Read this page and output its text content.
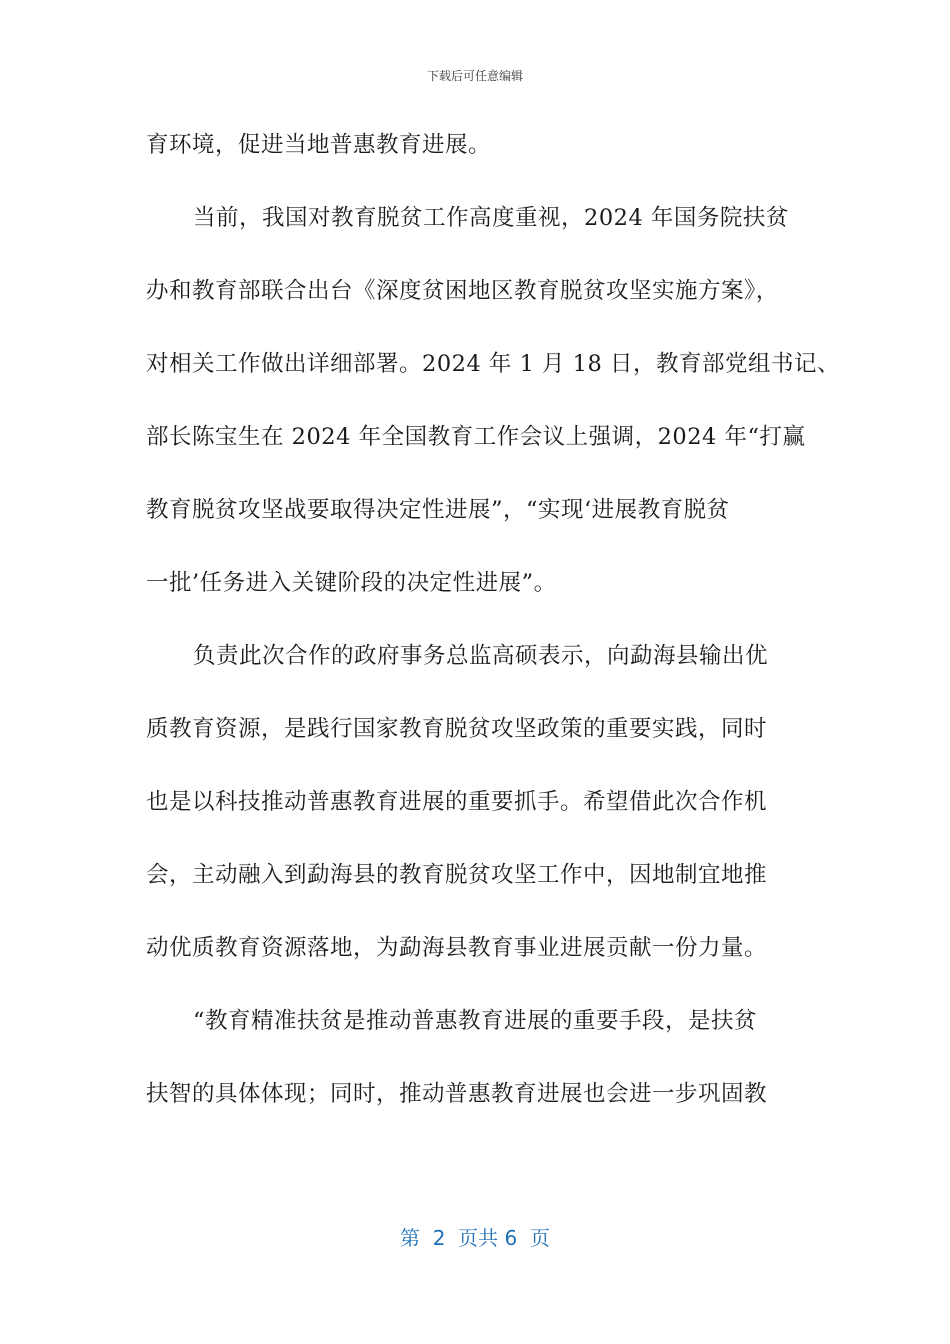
下载后可任意编辑
育环境，促进当地普惠教育进展。
当前，我国对教育脱贫工作高度重视，2024 年国务院扶贫
办和教育部联合出台《深度贫困地区教育脱贫攻坚实施方案》，
对相关工作做出详细部署。2024 年 1 月 18 日，教育部党组书记、
部长陈宝生在 2024 年全国教育工作会议上强调，2024 年“打赢
教育脱贫攻坚战要取得决定性进展”，“实现‘进展教育脱贫
一批’任务进入关键阶段的决定性进展”。
负责此次合作的政府事务总监高硕表示，向勐海县输出优
质教育资源，是践行国家教育脱贫攻坚政策的重要实践，同时
也是以科技推动普惠教育进展的重要抓手。希望借此次合作机
会，主动融入到勐海县的教育脱贫攻坚工作中，因地制宜地推
动优质教育资源落地，为勐海县教育事业进展贡献一份力量。
“教育精准扶贫是推动普惠教育进展的重要手段，是扶贫
扶智的具体体现；同时，推动普惠教育进展也会进一步巩固教
第  2  页共 6  页
